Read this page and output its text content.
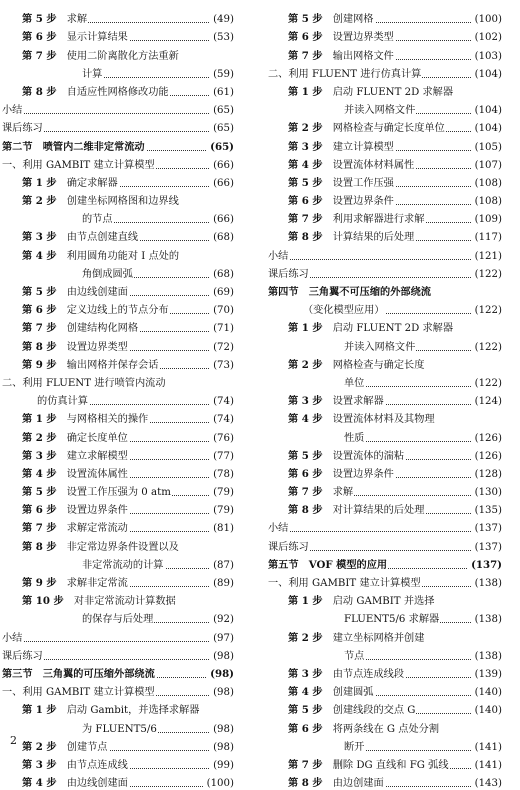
第 5 步　 求解	(49)
第 6 步　 显示计算结果	(53)
第 7 步　 使用二阶离散化方法重新
计算	(59)
第 8 步　 自适应性网格修改功能	(61)
小结	(65)
课后练习	(65)
第二节　喷管内二维非定常流动	(65)
一、利用 GAMBIT 建立计算模型	(66)
第 1 步　 确定求解器	(66)
第 2 步　 创建坐标网格图和边界线
的节点	(66)
第 3 步　 由节点创建直线	(68)
第 4 步　 利用圆角功能对 I 点处的
角倒成圆弧	(68)
第 5 步　 由边线创建面	(69)
第 6 步　 定义边线上的节点分布	(70)
第 7 步　 创建结构化网格	(71)
第 8 步　 设置边界类型	(72)
第 9 步　 输出网格并保存会话	(73)
二、利用 FLUENT 进行喷管内流动
的仿真计算	(74)
第 1 步　 与网格相关的操作	(74)
第 2 步　 确定长度单位	(76)
第 3 步　 建立求解模型	(77)
第 4 步　 设置流体属性	(78)
第 5 步　 设置工作压强为 0 atm	(79)
第 6 步　 设置边界条件	(79)
第 7 步　 求解定常流动	(81)
第 8 步　 非定常边界条件设置以及
非定常流动的计算	(87)
第 9 步　 求解非定常流	(89)
第 10 步　 对非定常流动计算数据
的保存与后处理	(92)
小结	(97)
课后练习	(98)
第三节　三角翼的可压缩外部绕流	(98)
一、利用 GAMBIT 建立计算模型	(98)
第 1 步　 启动 Gambit，并选择求解器
为 FLUENT5/6	(98)
第 2 步　 创建节点	(98)
第 3 步　 由节点连成线	(99)
第 4 步　 由边线创建面	(100)
第 5 步　 创建网格	(100)
第 6 步　 设置边界类型	(102)
第 7 步　 输出网格文件	(103)
二、利用 FLUENT 进行仿真计算	(104)
第 1 步　 启动 FLUENT 2D 求解器
并读入网格文件	(104)
第 2 步　 网格检查与确定长度单位	(104)
第 3 步　 建立计算模型	(105)
第 4 步　 设置流体材料属性	(107)
第 5 步　 设置工作压强	(108)
第 6 步　 设置边界条件	(108)
第 7 步　 利用求解器进行求解	(109)
第 8 步　 计算结果的后处理	(117)
小结	(121)
课后练习	(122)
第四节　三角翼不可压缩的外部绕流
（变化模型应用）	(122)
第 1 步　 启动 FLUENT 2D 求解器
并读入网格文件	(122)
第 2 步　 网格检查与确定长度
单位	(122)
第 3 步　 设置求解器	(124)
第 4 步　 设置流体材料及其物理
性质	(126)
第 5 步　 设置流体的湍粘	(126)
第 6 步　 设置边界条件	(128)
第 7 步　 求解	(130)
第 8 步　 对计算结果的后处理	(135)
小结	(137)
课后练习	(137)
第五节　VOF 模型的应用	(137)
一、利用 GAMBIT 建立计算模型	(138)
第 1 步　 启动 GAMBIT 并选择
FLUENT5/6 求解器	(138)
第 2 步　 建立坐标网格并创建
节点	(138)
第 3 步　 由节点连成线段	(139)
第 4 步　 创建圆弧	(140)
第 5 步　 创建线段的交点 G	(140)
第 6 步　 将两条线在 G 点处分割
断开	(141)
第 7 步　 删除 DG 直线和 FG 弧线	(141)
第 8 步　 由边创建面	(143)
2
